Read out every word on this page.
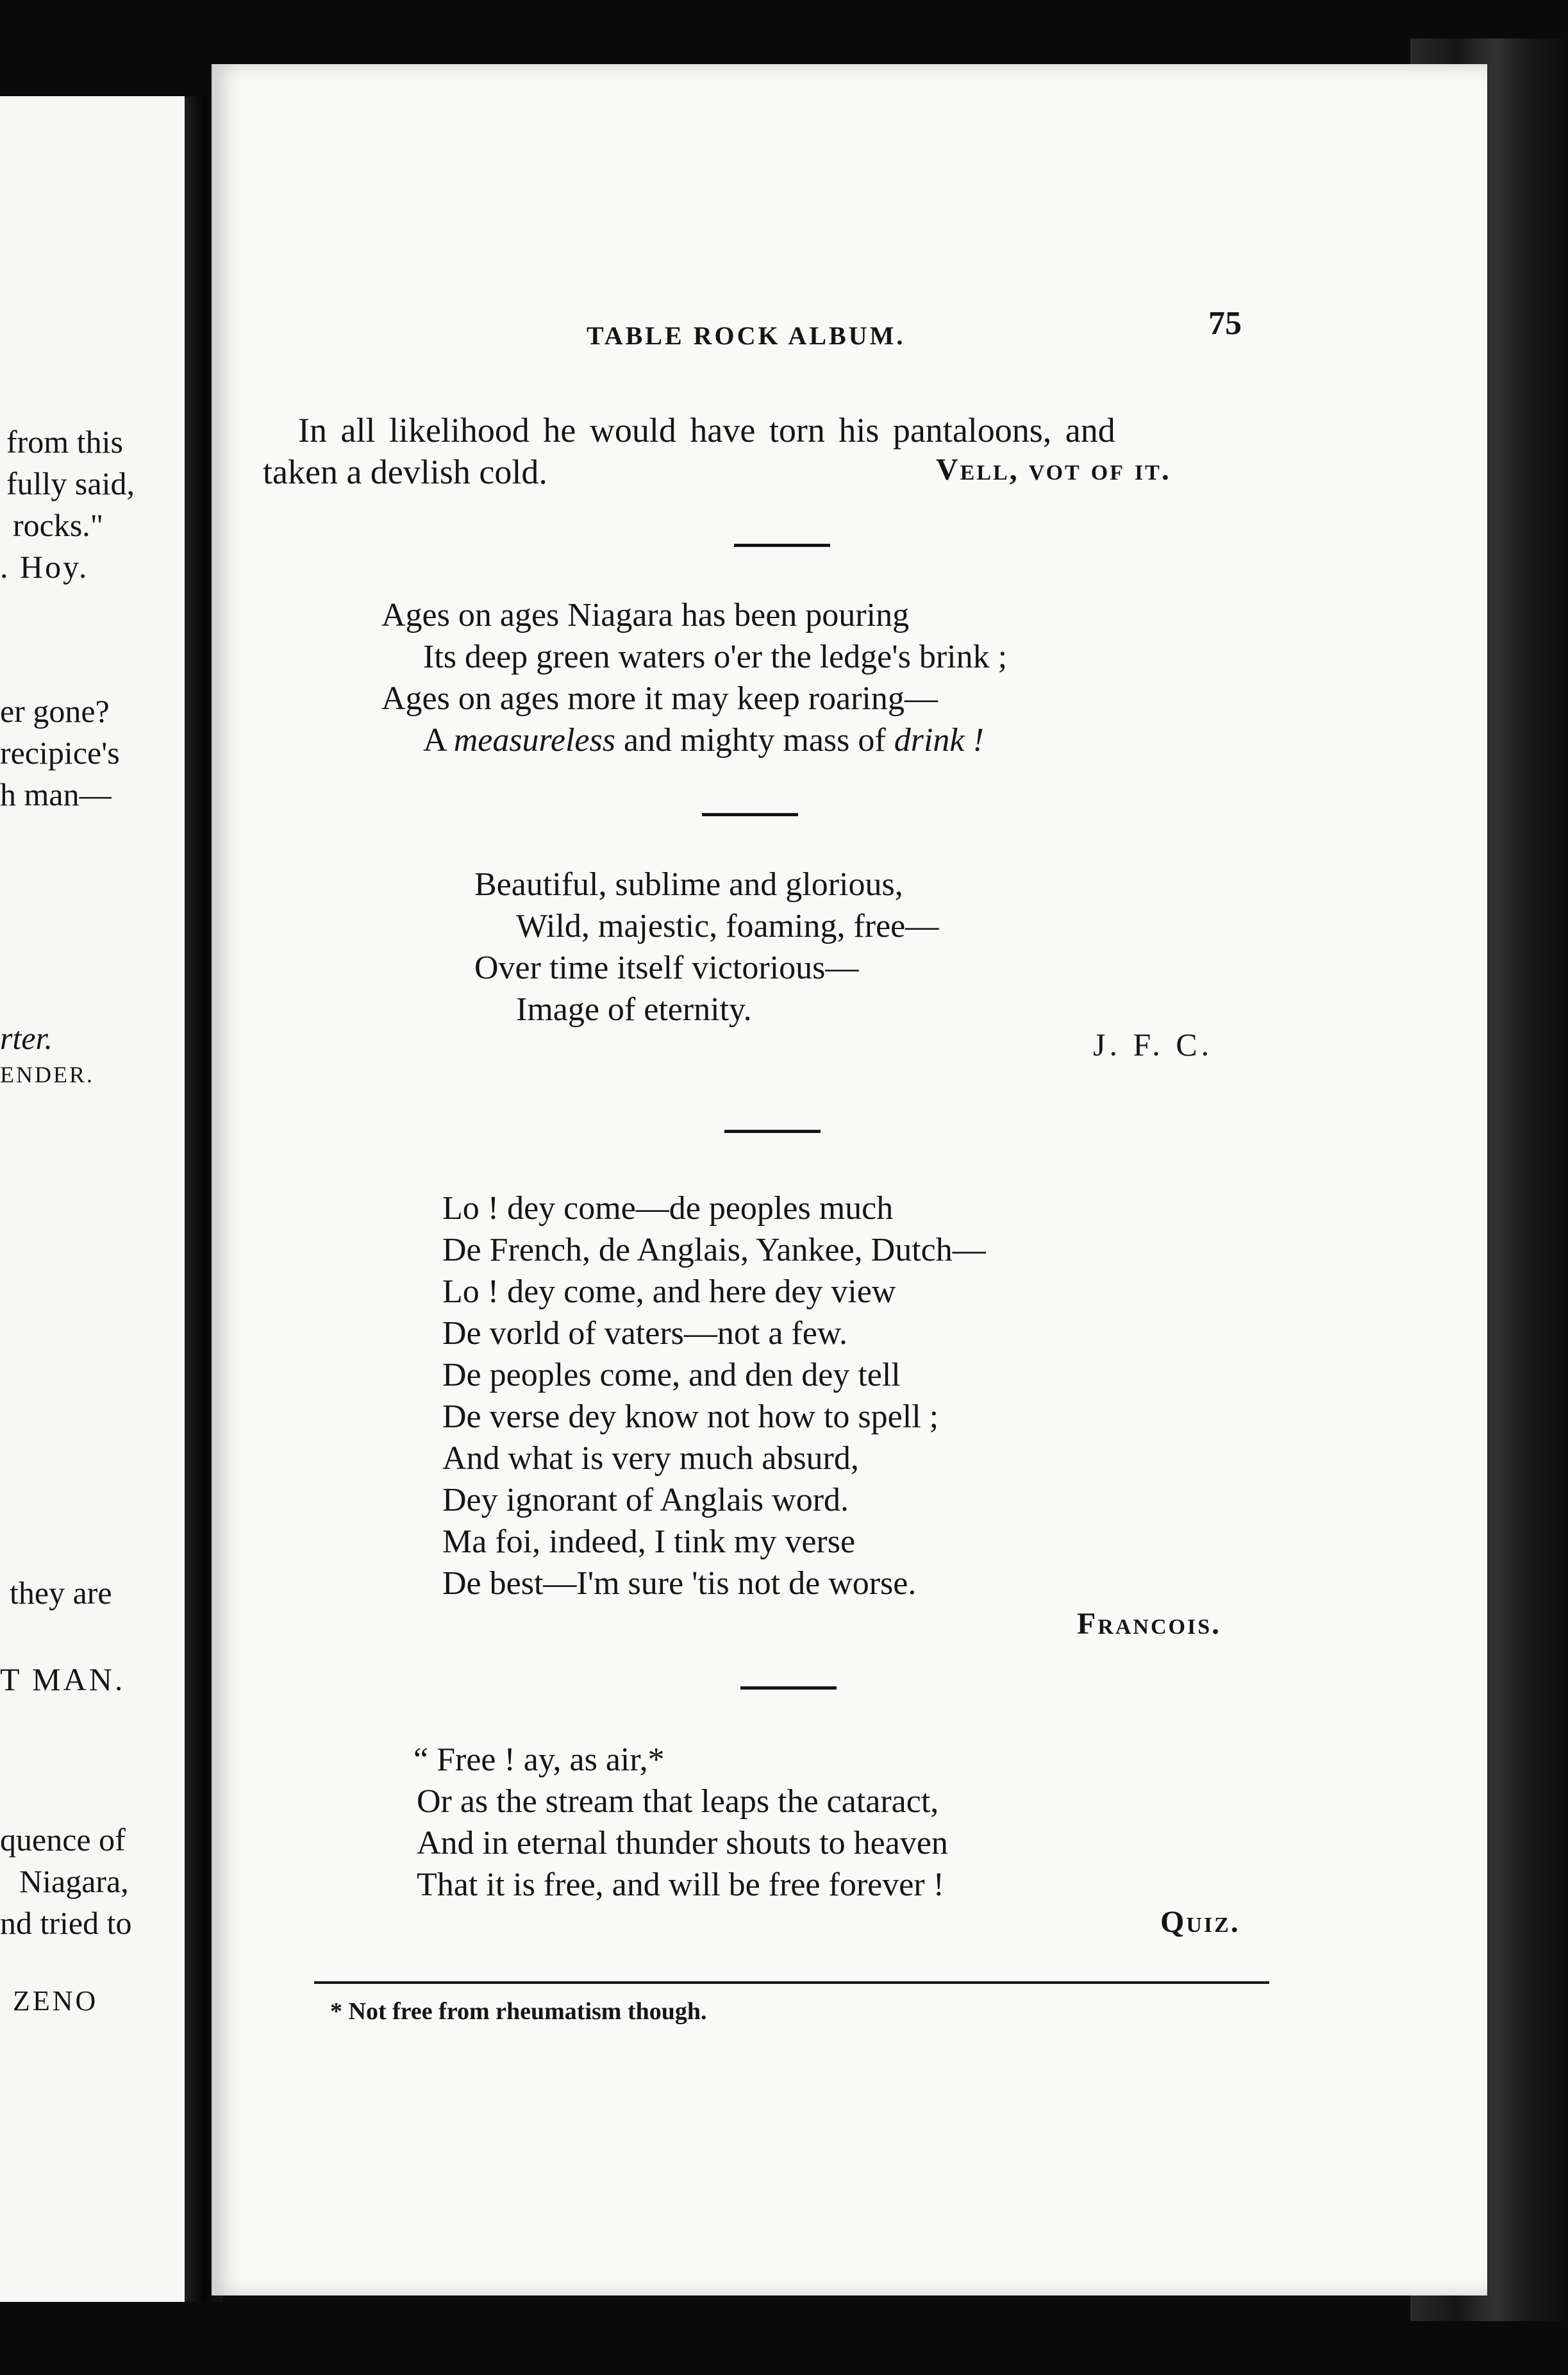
from this
fully said,
rocks."
. Hoy.
er gone?
recipice's
h man—
rter.
ENDER.
they are
T MAN.
quence of
Niagara,
nd tried to
ZENO
TABLE ROCK ALBUM.	75
In all likelihood he would have torn his pantaloons, and
taken a devlish cold.	Vell, vot of it.
Ages on ages Niagara has been pouring
Its deep green waters o'er the ledge's brink ;
Ages on ages more it may keep roaring—
A measureless and mighty mass of drink !
Beautiful, sublime and glorious,
Wild, majestic, foaming, free—
Over time itself victorious—
Image of eternity.
J. F. C.
Lo ! dey come—de peoples much
De French, de Anglais, Yankee, Dutch—
Lo ! dey come, and here dey view
De vorld of vaters—not a few.
De peoples come, and den dey tell
De verse dey know not how to spell ;
And what is very much absurd,
Dey ignorant of Anglais word.
Ma foi, indeed, I tink my verse
De best—I'm sure 'tis not de worse.
Francois.
“ Free ! ay, as air,*
Or as the stream that leaps the cataract,
And in eternal thunder shouts to heaven
That it is free, and will be free forever !
Quiz.
* Not free from rheumatism though.
